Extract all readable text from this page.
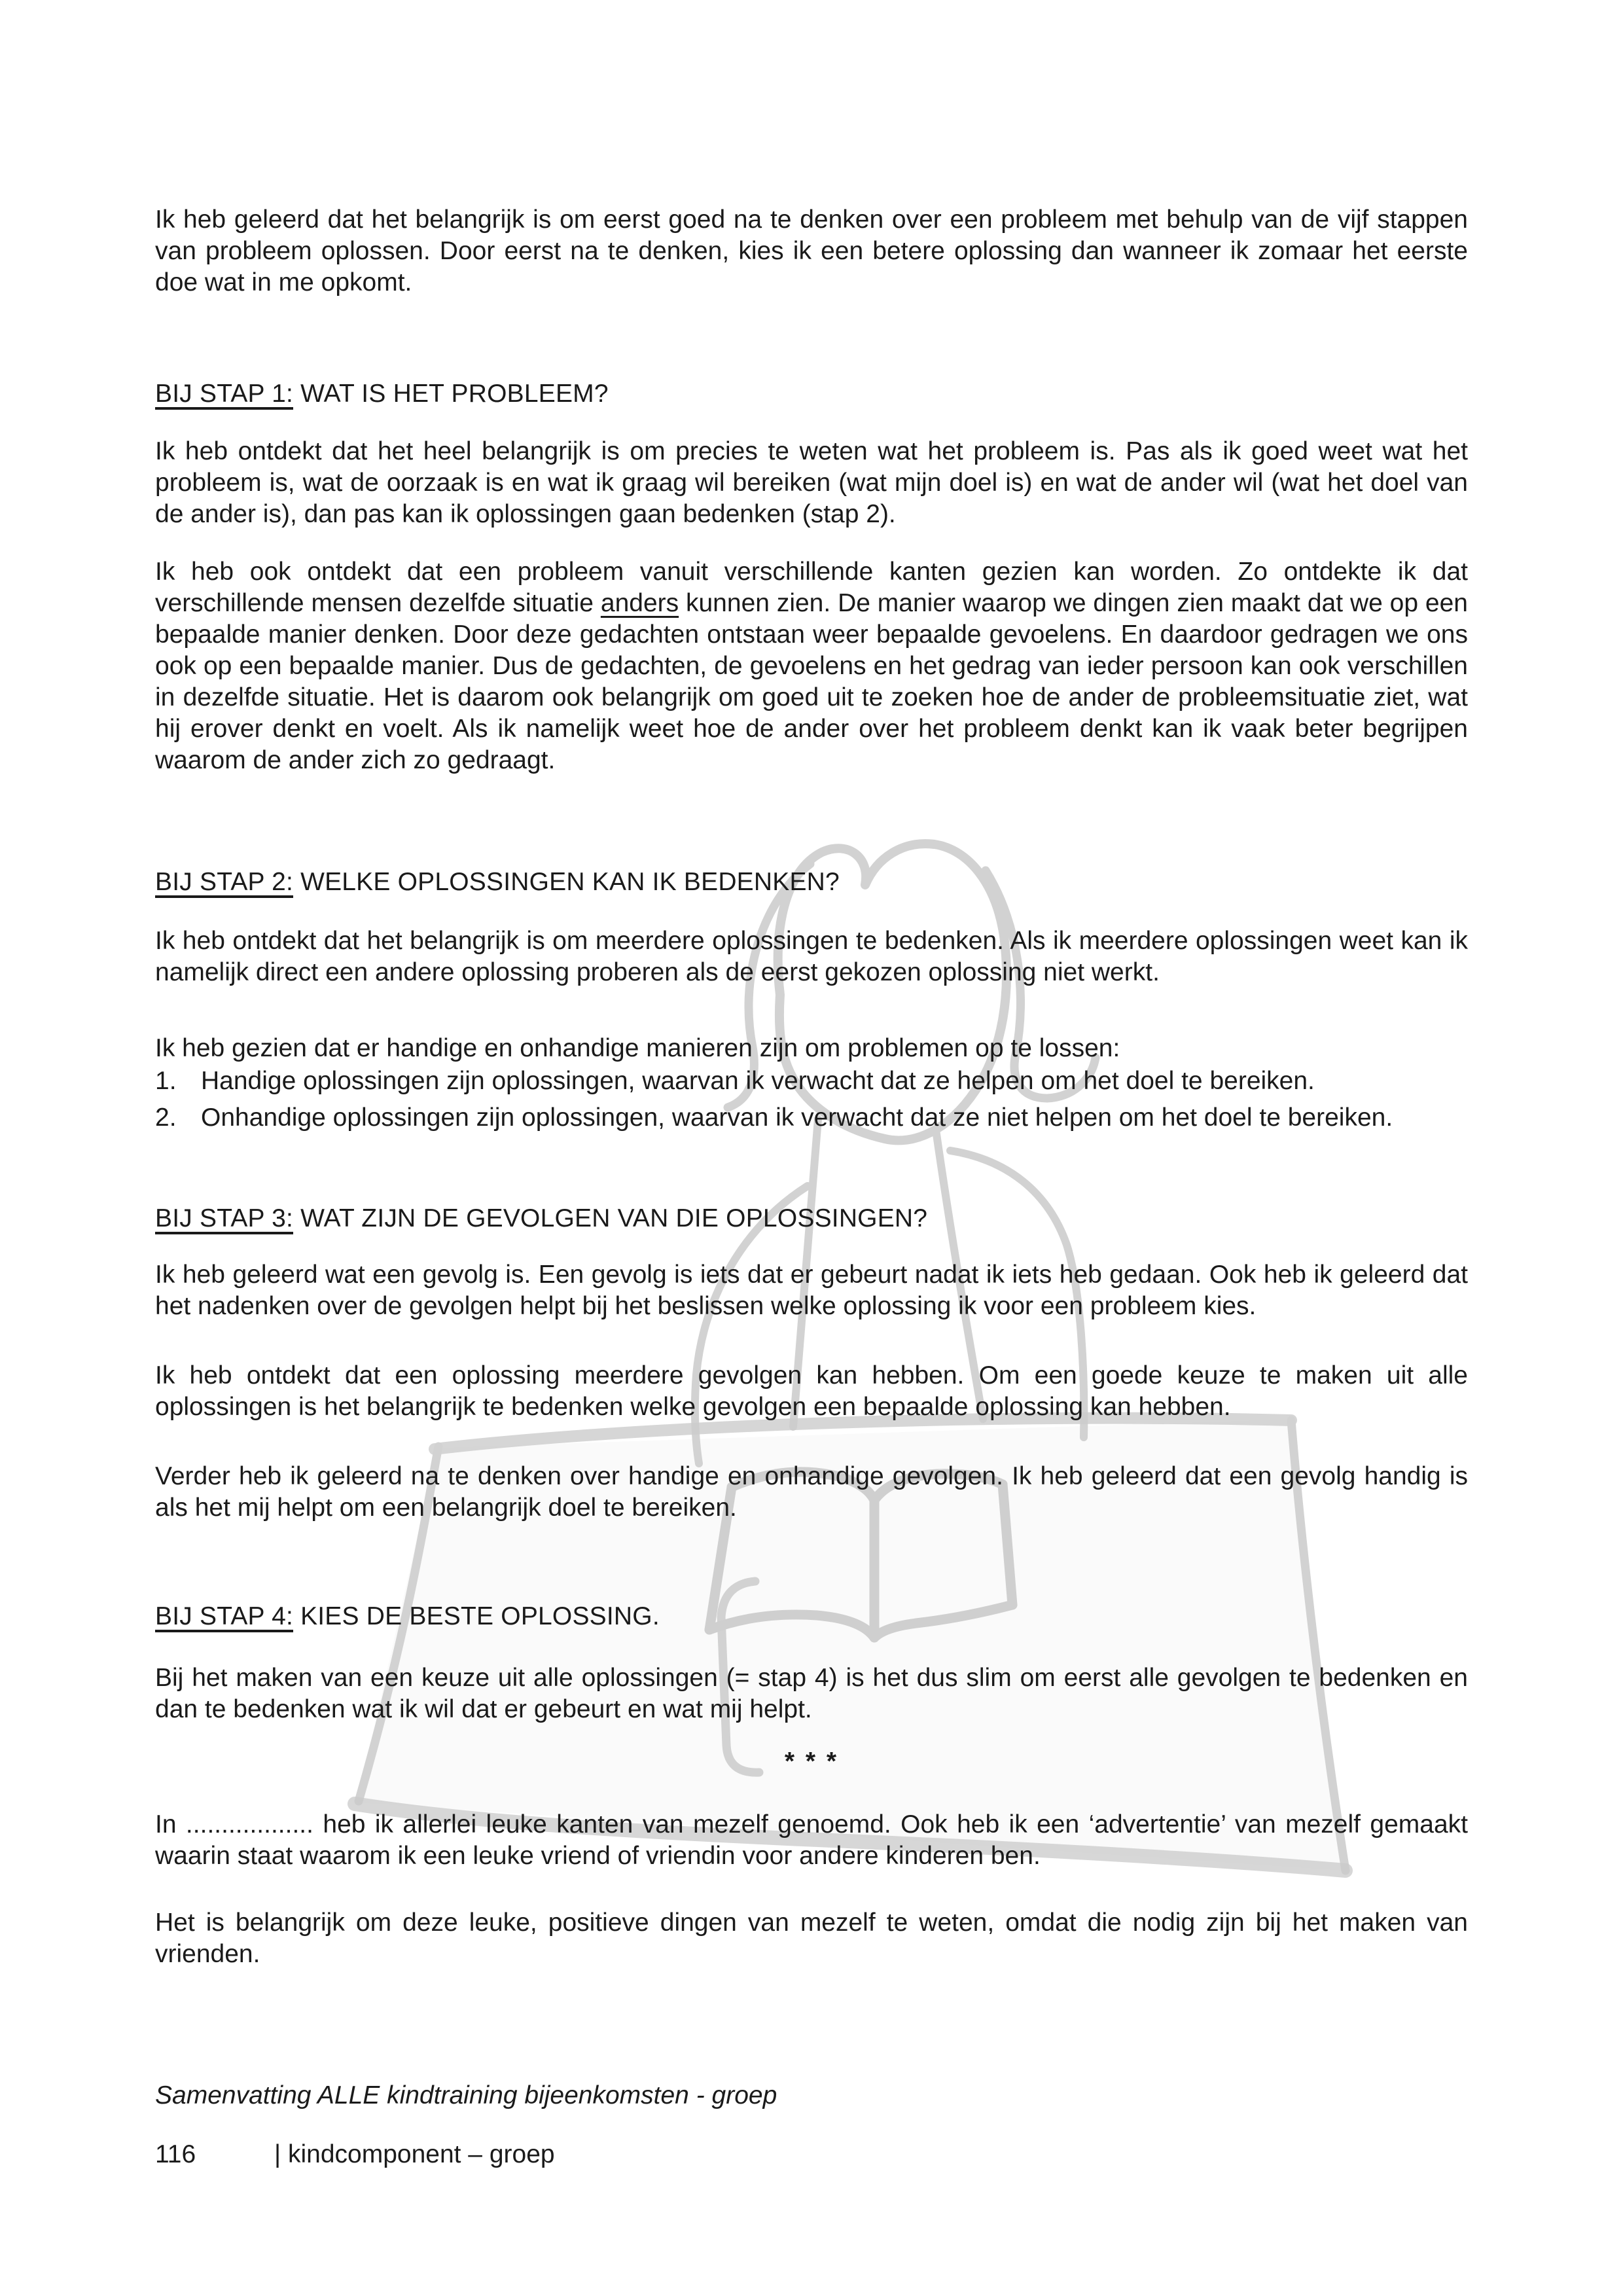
Ik heb geleerd dat het belangrijk is om eerst goed na te denken over een probleem met behulp van de vijf stappen van probleem oplossen. Door eerst na te denken, kies ik een betere oplossing dan wanneer ik zomaar het eerste doe wat in me opkomt.

BIJ STAP 1: WAT IS HET PROBLEEM?

Ik heb ontdekt dat het heel belangrijk is om precies te weten wat het probleem is. Pas als ik goed weet wat het probleem is, wat de oorzaak is en wat ik graag wil bereiken (wat mijn doel is) en wat de ander wil (wat het doel van de ander is), dan pas kan ik oplossingen gaan bedenken (stap 2).

Ik heb ook ontdekt dat een probleem vanuit verschillende kanten gezien kan worden. Zo ontdekte ik dat verschillende mensen dezelfde situatie anders kunnen zien. De manier waarop we dingen zien maakt dat we op een bepaalde manier denken. Door deze gedachten ontstaan weer bepaalde gevoelens. En daardoor gedragen we ons ook op een bepaalde manier. Dus de gedachten, de gevoelens en het gedrag van ieder persoon kan ook verschillen in dezelfde situatie. Het is daarom ook belangrijk om goed uit te zoeken hoe de ander de probleemsituatie ziet, wat hij erover denkt en voelt. Als ik namelijk weet hoe de ander over het probleem denkt kan ik vaak beter begrijpen waarom de ander zich zo gedraagt.

BIJ STAP 2: WELKE OPLOSSINGEN KAN IK BEDENKEN?

Ik heb ontdekt dat het belangrijk is om meerdere oplossingen te bedenken. Als ik meerdere oplossingen weet kan ik namelijk direct een andere oplossing proberen als de eerst gekozen oplossing niet werkt.

Ik heb gezien dat er handige en onhandige manieren zijn om problemen op te lossen:

1. Handige oplossingen zijn oplossingen, waarvan ik verwacht dat ze helpen om het doel te bereiken.
2. Onhandige oplossingen zijn oplossingen, waarvan ik verwacht dat ze niet helpen om het doel te bereiken.
BIJ STAP 3: WAT ZIJN DE GEVOLGEN VAN DIE OPLOSSINGEN?

Ik heb geleerd wat een gevolg is. Een gevolg is iets dat er gebeurt nadat ik iets heb gedaan. Ook heb ik geleerd dat het nadenken over de gevolgen helpt bij het beslissen welke oplossing ik voor een probleem kies.

Ik heb ontdekt dat een oplossing meerdere gevolgen kan hebben. Om een goede keuze te maken uit alle oplossingen is het belangrijk te bedenken welke gevolgen een bepaalde oplossing kan hebben.

Verder heb ik geleerd na te denken over handige en onhandige gevolgen. Ik heb geleerd dat een gevolg handig is als het mij helpt om een belangrijk doel te bereiken.

BIJ STAP 4: KIES DE BESTE OPLOSSING.

Bij het maken van een keuze uit alle oplossingen (= stap 4) is het dus slim om eerst alle gevolgen te bedenken en dan te bedenken wat ik wil dat er gebeurt en wat mij helpt.

* * *

In .................. heb ik allerlei leuke kanten van mezelf genoemd. Ook heb ik een ‘advertentie’ van mezelf gemaakt waarin staat waarom ik een leuke vriend of vriendin voor andere kinderen ben.

Het is belangrijk om deze leuke, positieve dingen van mezelf te weten, omdat die nodig zijn bij het maken van vrienden.

Samenvatting ALLE kindtraining bijeenkomsten - groep

116	| kindcomponent – groep
